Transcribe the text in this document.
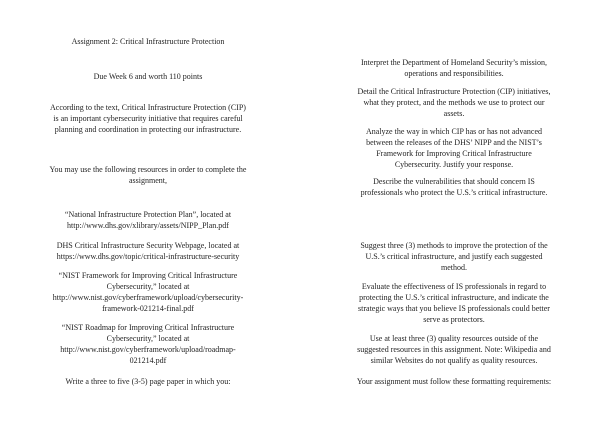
Assignment 2: Critical Infrastructure Protection

Due Week 6 and worth 110 points

According to the text, Critical Infrastructure Protection (CIP)

is an important cybersecurity initiative that requires careful

planning and coordination in protecting our infrastructure.

You may use the following resources in order to complete the

assignment,

“National Infrastructure Protection Plan”, located at

http://www.dhs.gov/xlibrary/assets/NIPP_Plan.pdf

DHS Critical Infrastructure Security Webpage, located at

https://www.dhs.gov/topic/critical-infrastructure-security

“NIST Framework for Improving Critical Infrastructure

Cybersecurity,” located at

http://www.nist.gov/cyberframework/upload/cybersecurity-

framework-021214-final.pdf

“NIST Roadmap for Improving Critical Infrastructure

Cybersecurity,” located at

http://www.nist.gov/cyberframework/upload/roadmap-

021214.pdf

Write a three to five (3-5) page paper in which you:

Interpret the Department of Homeland Security’s mission,

operations and responsibilities.

Detail the Critical Infrastructure Protection (CIP) initiatives,

what they protect, and the methods we use to protect our

assets.

Analyze the way in which CIP has or has not advanced

between the releases of the DHS’ NIPP and the NIST’s

Framework for Improving Critical Infrastructure

Cybersecurity. Justify your response.

Describe the vulnerabilities that should concern IS

professionals who protect the U.S.’s critical infrastructure.

Suggest three (3) methods to improve the protection of the

U.S.’s critical infrastructure, and justify each suggested

method.

Evaluate the effectiveness of IS professionals in regard to

protecting the U.S.’s critical infrastructure, and indicate the

strategic ways that you believe IS professionals could better

serve as protectors.

Use at least three (3) quality resources outside of the

suggested resources in this assignment. Note: Wikipedia and

similar Websites do not qualify as quality resources.

Your assignment must follow these formatting requirements:
